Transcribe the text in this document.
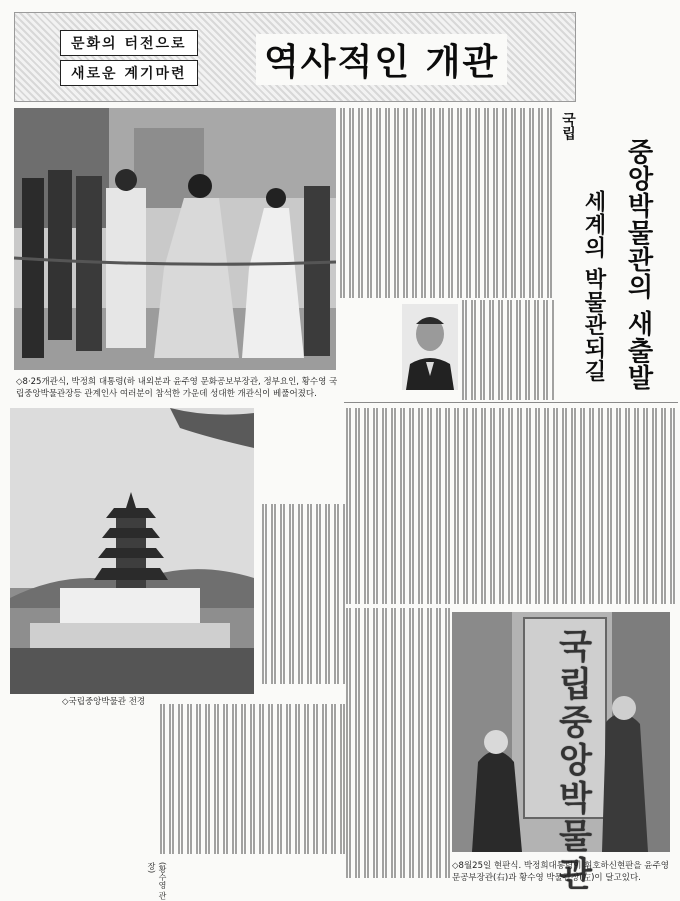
문화의 터전으로
새로운 계기마련	역사적인 개관
◇8·25개관식, 박정희 대통령(하 내외분과 윤주영 문화공보부장관, 정부요인, 황수영 국립중앙박물관장등 관계인사 여러분이 참석한 가운데 성대한 개관식이 베풀어졌다.
국립
중앙박물관의 새출발
세계의 박물관되길
◇국립중앙박물관 전경
(황수영 관장)	국립중앙박물관
◇8월25일 현판식. 박정희대통령이 휘호하신현판을 윤주영문공부장관(右)과 황수영 박물관장(左)이 달고있다.
